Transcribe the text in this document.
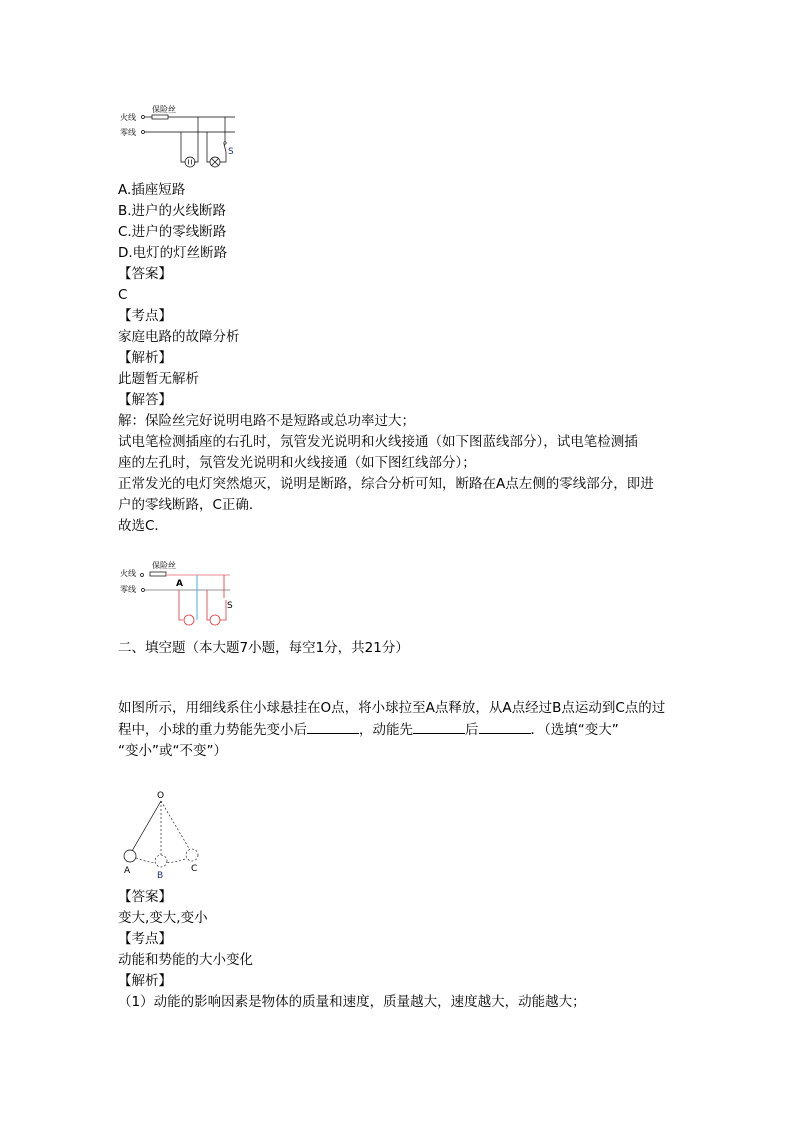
火线
零线
保险丝
S
A.插座短路
B.进户的火线断路
C.进户的零线断路
D.电灯的灯丝断路
【答案】
C
【考点】
家庭电路的故障分析
【解析】
此题暂无解析
【解答】
解：保险丝完好说明电路不是短路或总功率过大；
试电笔检测插座的右孔时，氖管发光说明和火线接通（如下图蓝线部分），试电笔检测插
座的左孔时，氖管发光说明和火线接通（如下图红线部分）；
正常发光的电灯突然熄灭，说明是断路，综合分析可知，断路在A点左侧的零线部分，即进
户的零线断路，C正确．
故选C．
火线
零线
保险丝
A
S
二、填空题（本大题7小题，每空1分，共21分）
如图所示，用细线系住小球悬挂在O点，将小球拉至A点释放，从A点经过B点运动到C点的过
程中，小球的重力势能先变小后	，动能先	后	．（选填“变大”
“变小”或“不变”）
O
A	B
C
【答案】
变大,变大,变小
【考点】
动能和势能的大小变化
【解析】
（1）动能的影响因素是物体的质量和速度，质量越大，速度越大，动能越大；
